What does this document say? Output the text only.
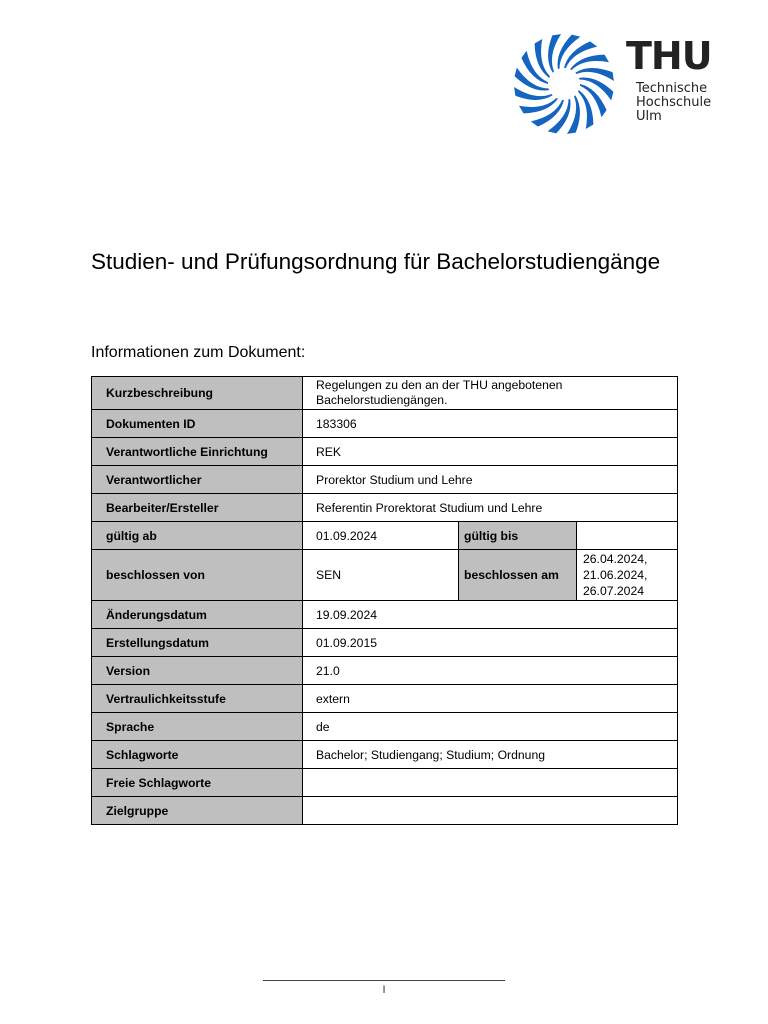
THU
Technische
Hochschule
Ulm
Studien- und Prüfungsordnung für Bachelorstudiengänge
Informationen zum Dokument:
Kurzbeschreibung	Regelungen zu den an der THU angebotenen Bachelorstudiengängen.		
Dokumenten ID	183306		
Verantwortliche Einrichtung	REK		
Verantwortlicher	Prorektor Studium und Lehre		
Bearbeiter/Ersteller	Referentin Prorektorat Studium und Lehre		
gültig ab	01.09.2024	gültig bis	
beschlossen von	SEN	beschlossen am	26.04.2024,
21.06.2024,
26.07.2024

Änderungsdatum	19.09.2024		
Erstellungsdatum	01.09.2015		
Version	21.0		
Vertraulichkeitsstufe	extern		
Sprache	de		
Schlagworte	Bachelor; Studiengang; Studium; Ordnung		
Freie Schlagworte			
Zielgruppe			
I
